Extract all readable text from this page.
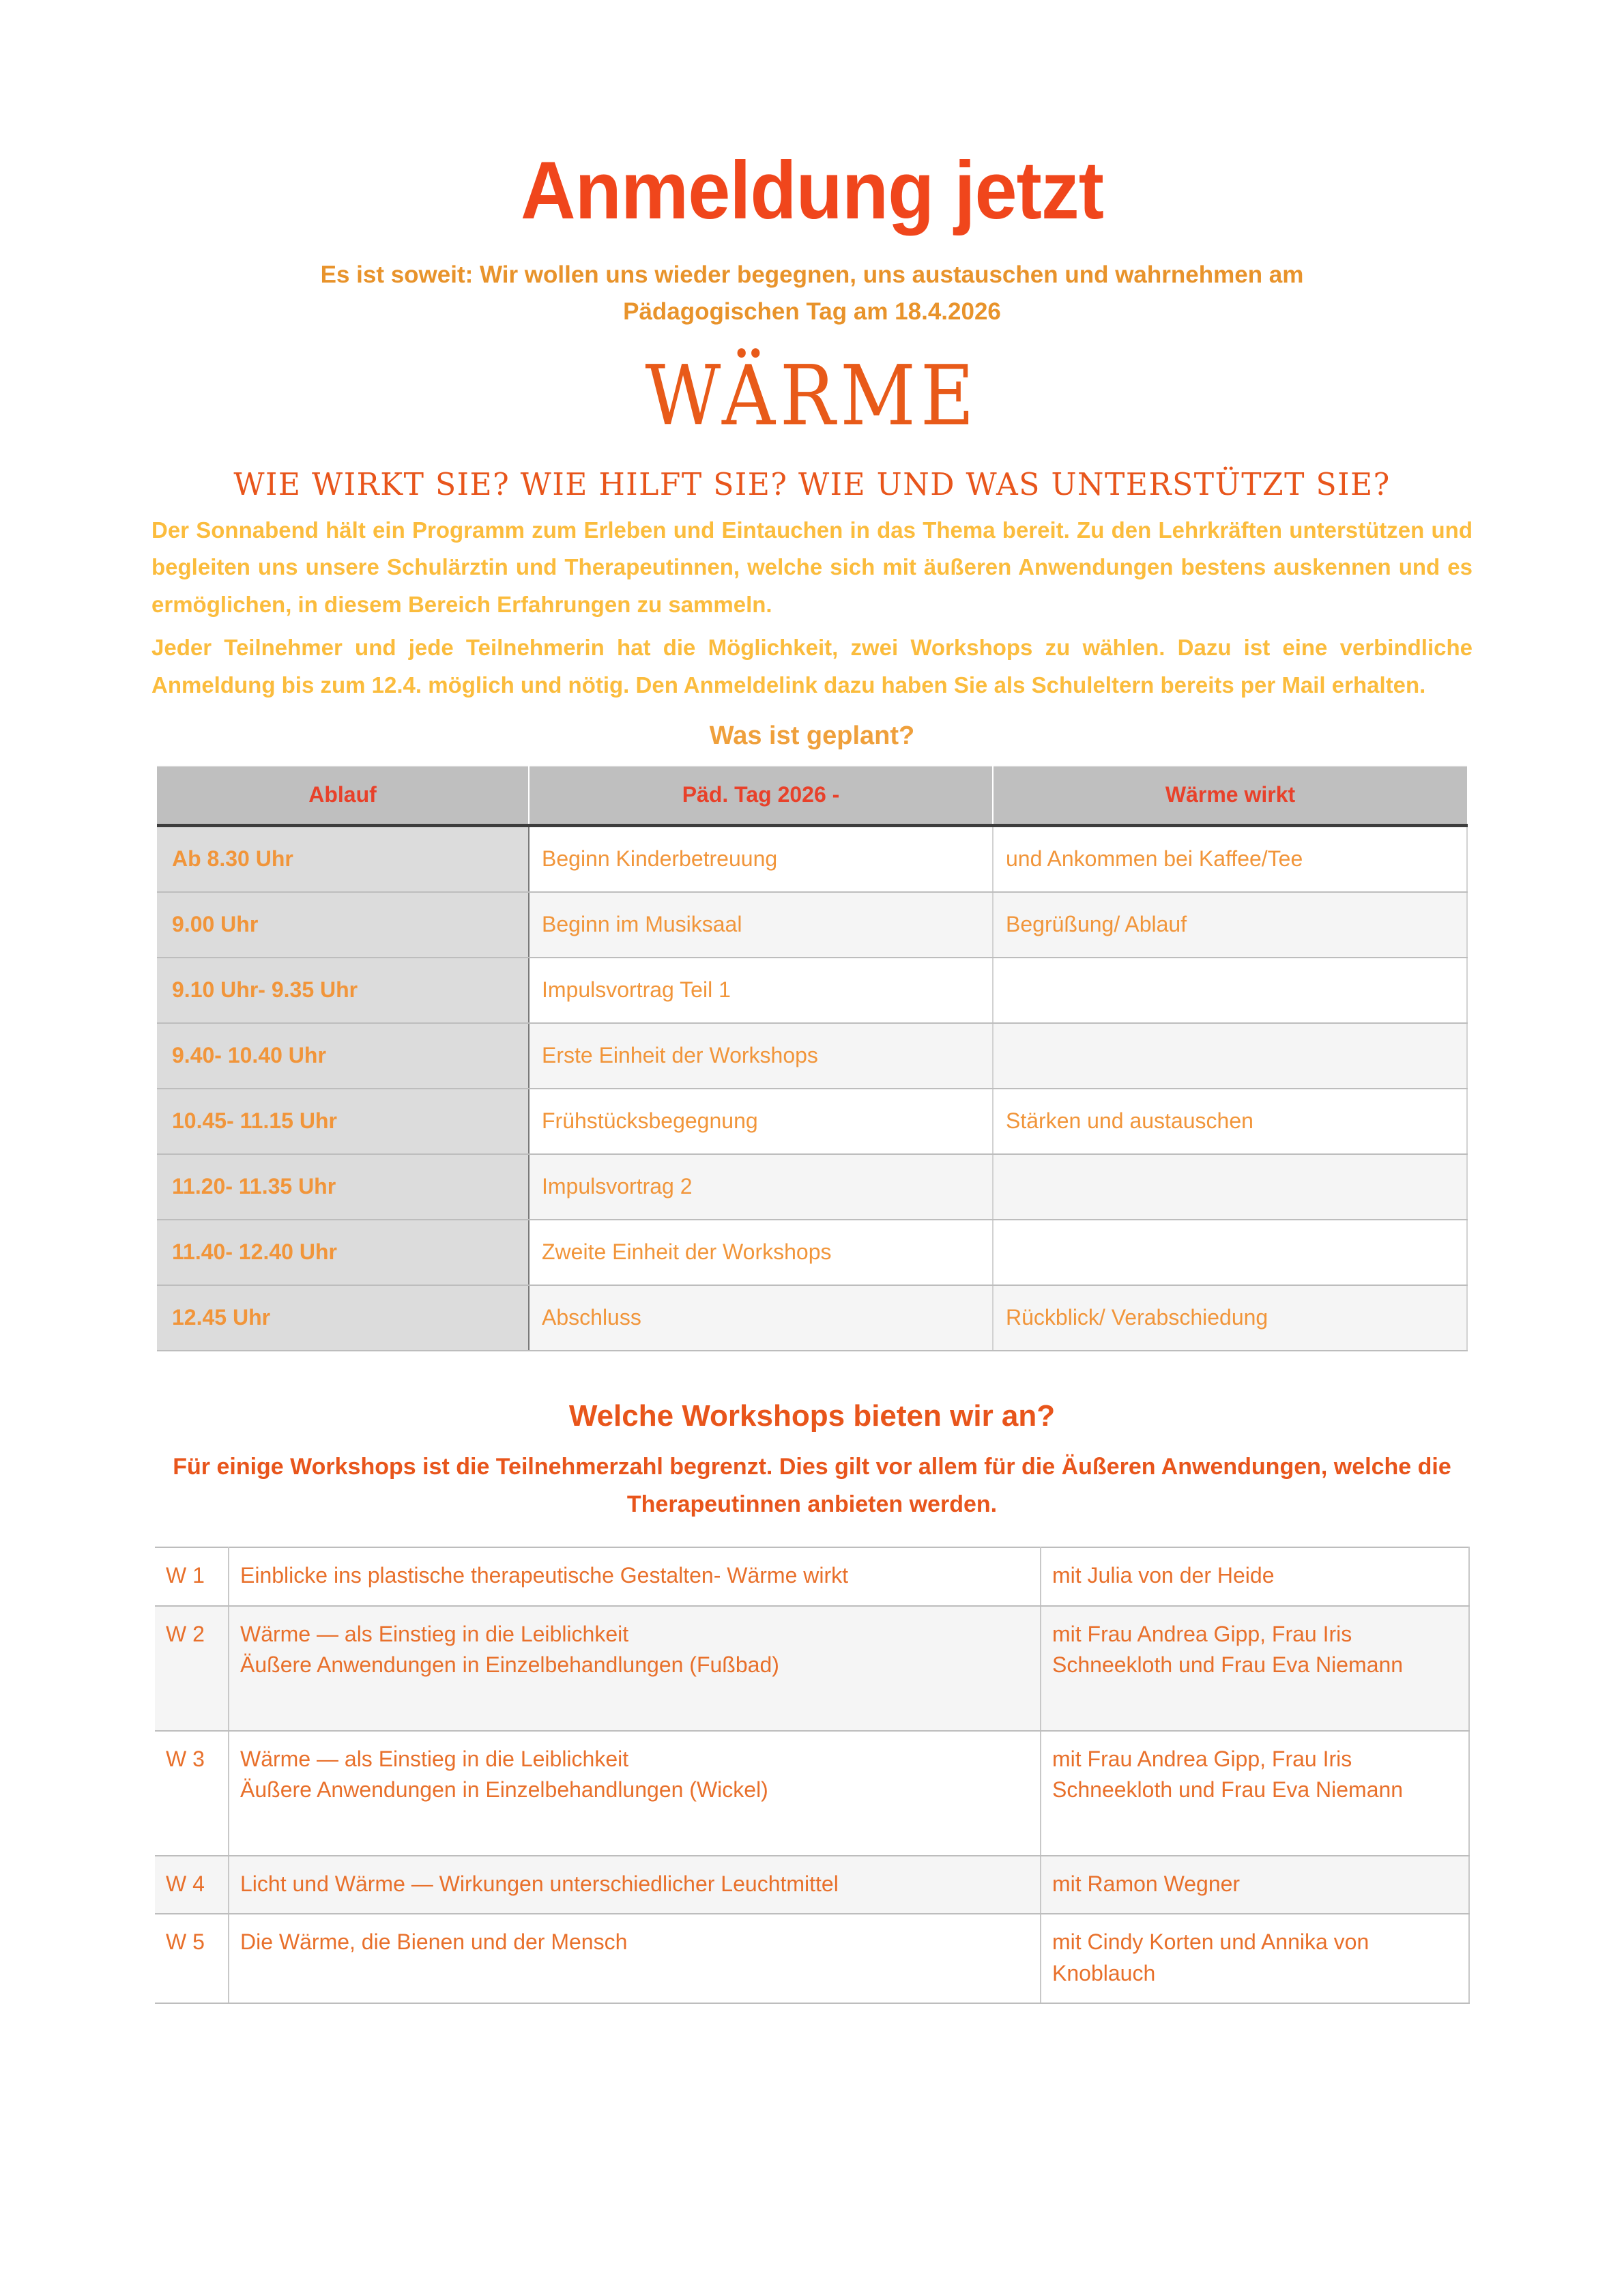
Anmeldung jetzt

Es ist soweit: Wir wollen uns wieder begegnen, uns austauschen und wahrnehmen am

Pädagogischen Tag am 18.4.2026

WÄRME
WIE WIRKT SIE? WIE HILFT SIE? WIE UND WAS UNTERSTÜTZT SIE?

Der Sonnabend hält ein Programm zum Erleben und Eintauchen in das Thema bereit. Zu den Lehrkräften unterstützen und begleiten uns unsere Schulärztin und Therapeutinnen, welche sich mit äußeren Anwendungen bestens auskennen und es ermöglichen, in diesem Bereich Erfahrungen zu sammeln.

Jeder Teilnehmer und jede Teilnehmerin hat die Möglichkeit, zwei Workshops zu wählen. Dazu ist eine verbindliche Anmeldung bis zum 12.4. möglich und nötig. Den Anmeldelink dazu haben Sie als Schuleltern bereits per Mail erhalten.

Was ist geplant?
Ablauf	Päd. Tag 2026 -	Wärme wirkt
Ab 8.30 Uhr	Beginn Kinderbetreuung	und Ankommen bei Kaffee/Tee
9.00 Uhr	Beginn im Musiksaal	Begrüßung/ Ablauf
9.10 Uhr- 9.35 Uhr	Impulsvortrag Teil 1	
9.40- 10.40 Uhr	Erste Einheit der Workshops	
10.45- 11.15 Uhr	Frühstücksbegegnung	Stärken und austauschen
11.20- 11.35 Uhr	Impulsvortrag 2	
11.40- 12.40 Uhr	Zweite Einheit der Workshops	
12.45 Uhr	Abschluss	Rückblick/ Verabschiedung
Welche Workshops bieten wir an?

Für einige Workshops ist die Teilnehmerzahl begrenzt. Dies gilt vor allem für die Äußeren Anwendungen, welche die Therapeutinnen anbieten werden.

W 1	Einblicke ins plastische therapeutische Gestalten- Wärme wirkt	mit Julia von der Heide
W 2	Wärme — als Einstieg in die Leiblichkeit
Äußere Anwendungen in Einzelbehandlungen (Fußbad)	mit Frau Andrea Gipp, Frau Iris Schneekloth und Frau Eva Niemann
W 3	Wärme — als Einstieg in die Leiblichkeit
Äußere Anwendungen in Einzelbehandlungen (Wickel)	mit Frau Andrea Gipp, Frau Iris Schneekloth und Frau Eva Niemann
W 4	Licht und Wärme — Wirkungen unterschiedlicher Leuchtmittel	mit Ramon Wegner
W 5	Die Wärme, die Bienen und der Mensch	mit Cindy Korten und Annika von Knoblauch
